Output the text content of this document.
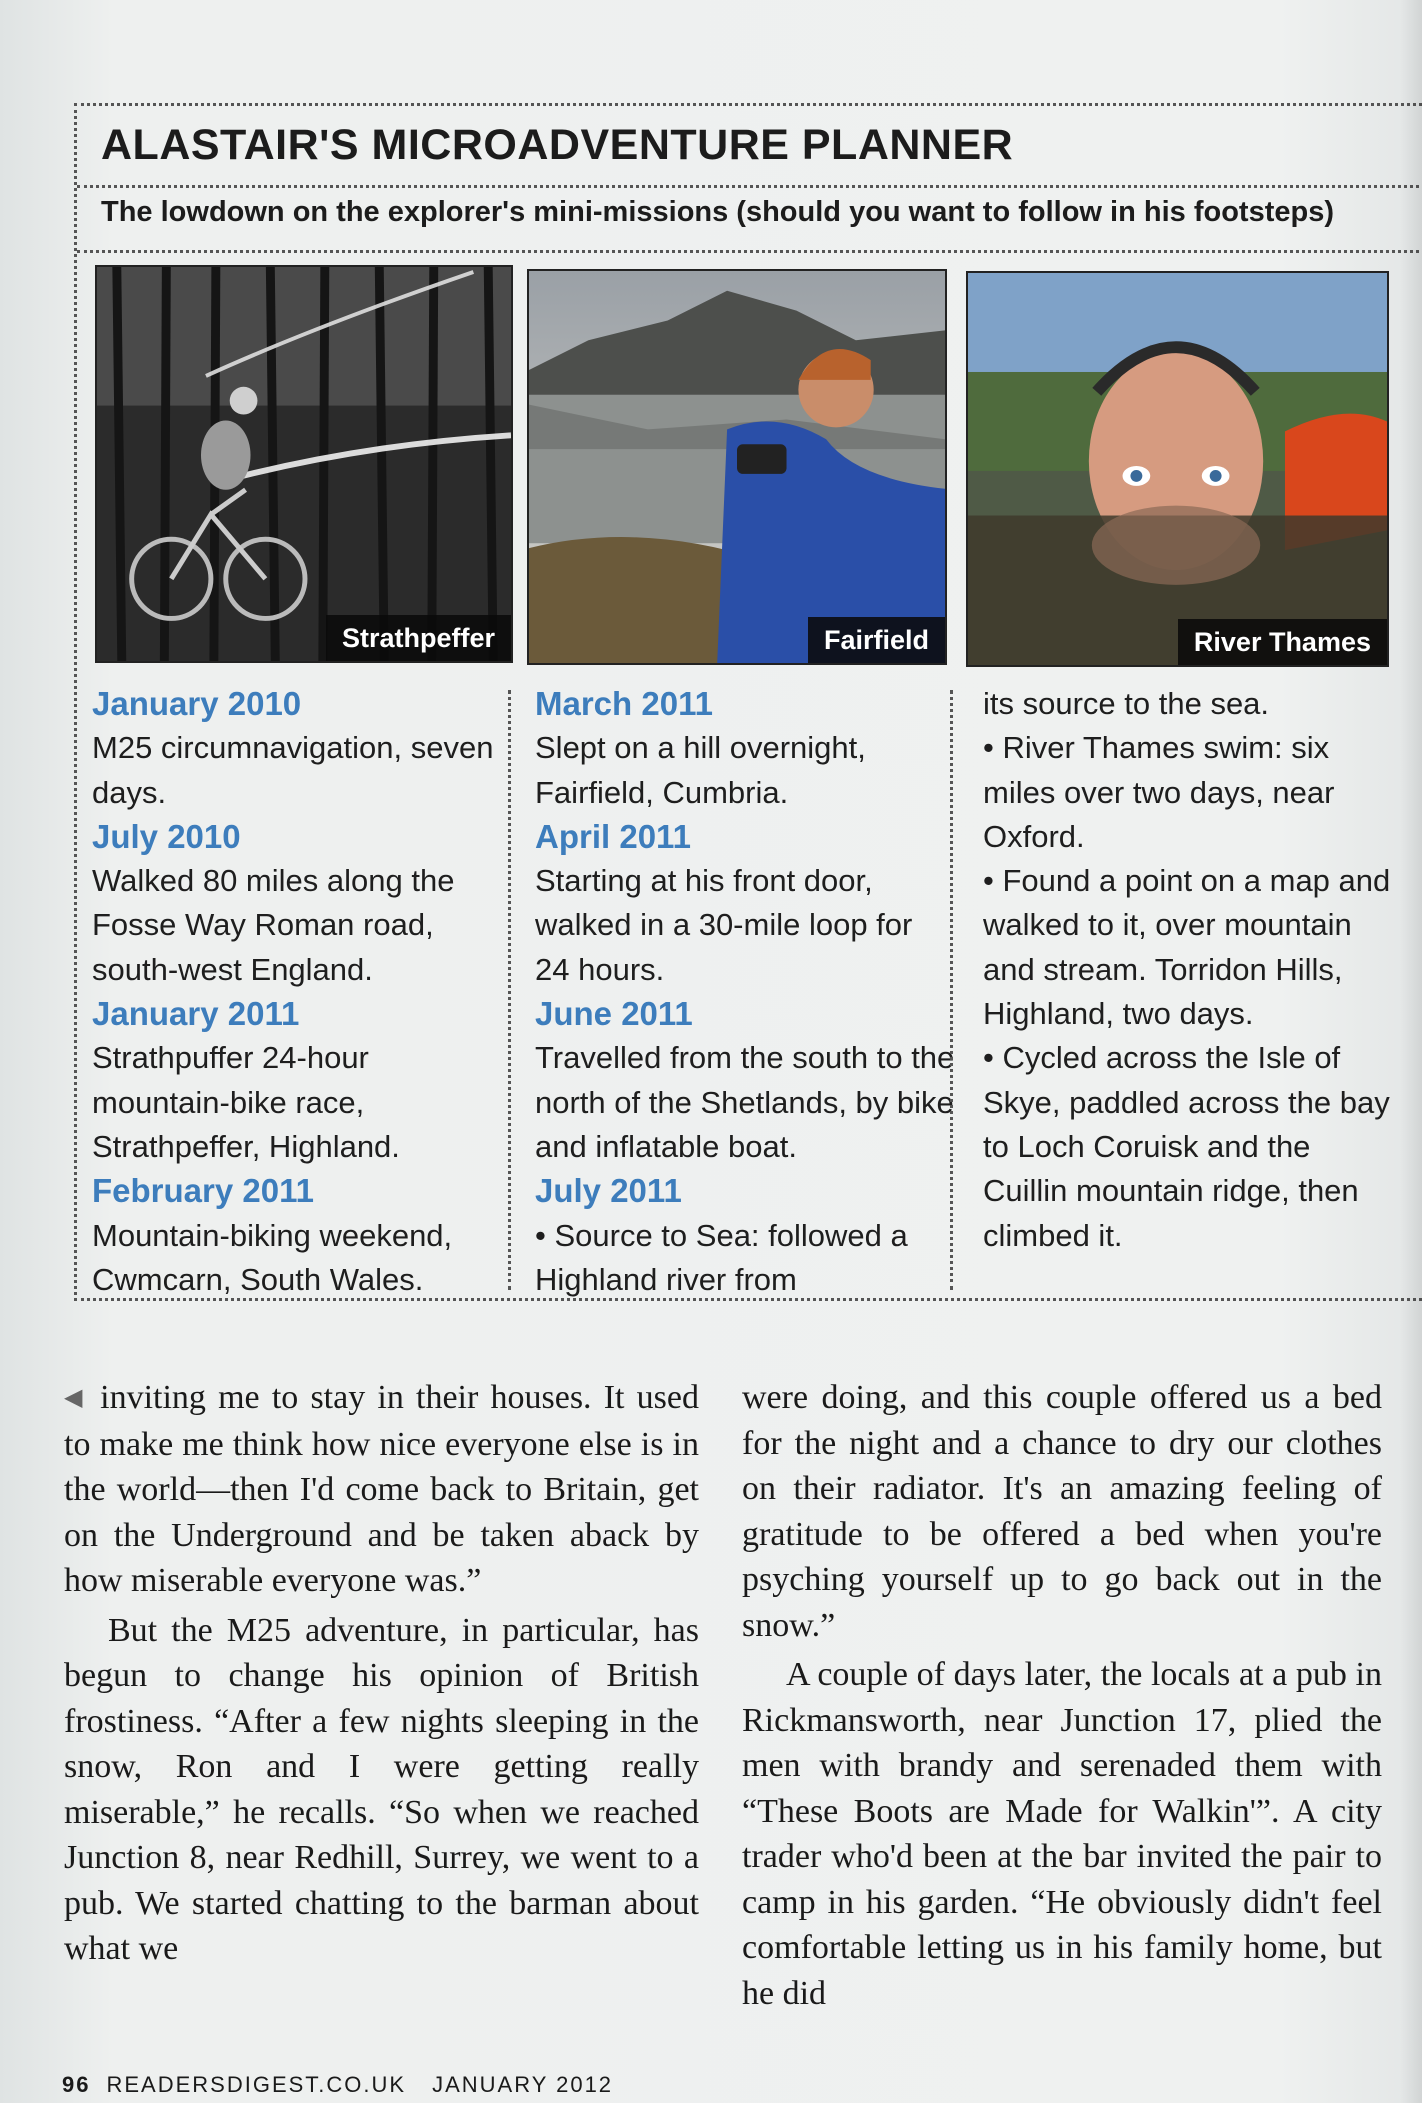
ALASTAIR'S MICROADVENTURE PLANNER
The lowdown on the explorer's mini-missions (should you want to follow in his footsteps)
Strathpeffer	Fairfield	River Thames
January 2010
M25 circumnavigation, seven days.
July 2010
Walked 80 miles along the Fosse Way Roman road, south-west England.
January 2011
Strathpuffer 24-hour mountain-bike race, Strathpeffer, Highland.
February 2011
Mountain-biking weekend, Cwmcarn, South Wales.
March 2011
Slept on a hill overnight, Fairfield, Cumbria.
April 2011
Starting at his front door, walked in a 30-mile loop for 24 hours.
June 2011
Travelled from the south to the north of the Shetlands, by bike and inflatable boat.
July 2011
• Source to Sea: followed a Highland river from
its source to the sea.
• River Thames swim: six miles over two days, near Oxford.
• Found a point on a map and walked to it, over mountain and stream. Torridon Hills, Highland, two days.
• Cycled across the Isle of Skye, paddled across the bay to Loch Coruisk and the Cuillin mountain ridge, then climbed it.

◀ inviting me to stay in their houses. It used to make me think how nice everyone else is in the world—then I'd come back to Britain, get on the Underground and be taken aback by how miserable everyone was.”

But the M25 adventure, in particular, has begun to change his opinion of British frostiness. “After a few nights sleeping in the snow, Ron and I were getting really miserable,” he recalls. “So when we reached Junction 8, near Redhill, Surrey, we went to a pub. We started chatting to the barman about what we

were doing, and this couple offered us a bed for the night and a chance to dry our clothes on their radiator. It's an amazing feeling of gratitude to be offered a bed when you're psyching yourself up to go back out in the snow.”

A couple of days later, the locals at a pub in Rickmansworth, near Junction 17, plied the men with brandy and serenaded them with “These Boots are Made for Walkin'”. A city trader who'd been at the bar invited the pair to camp in his garden. “He obviously didn't feel comfortable letting us in his family home, but he did

96 READERSDIGEST.CO.UK JANUARY 2012
